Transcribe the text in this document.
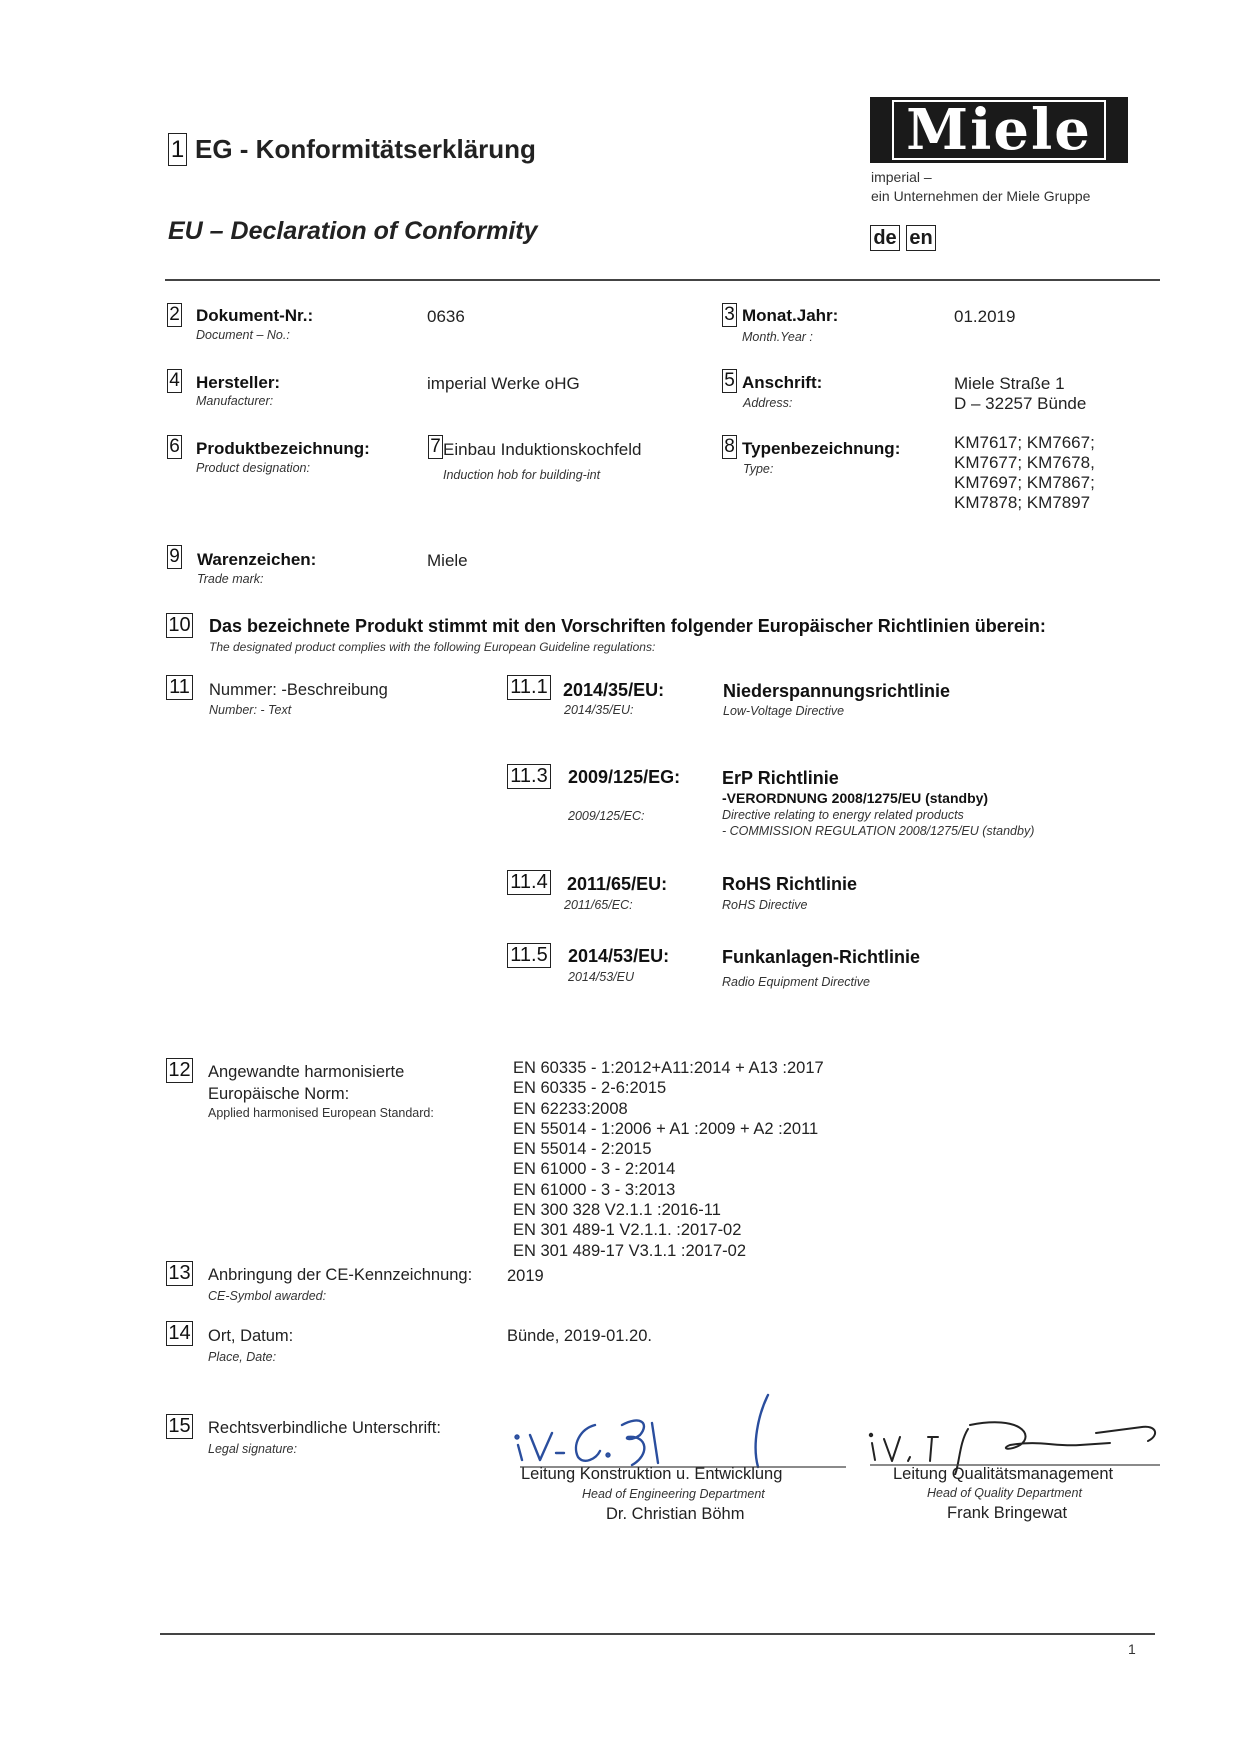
1 EG - Konformitätserklärung
EU – Declaration of Conformity
Miele
imperial –
ein Unternehmen der Miele Gruppe
de en
2 Dokument-Nr.:
Document – No.:
0636	3 Monat.Jahr:
Month.Year :
01.2019
4 Hersteller:
Manufacturer:
imperial Werke oHG	5 Anschrift:
Address:
Miele Straße 1
D – 32257 Bünde
6 Produktbezeichnung:
Product designation:
7 Einbau Induktionskochfeld
Induction hob for building-int
8 Typenbezeichnung:
Type:
KM7617; KM7667;
KM7677; KM7678,
KM7697; KM7867;
KM7878; KM7897
9 Warenzeichen:
Trade mark:
Miele
10 Das bezeichnete Produkt stimmt mit den Vorschriften folgender Europäischer Richtlinien überein:
The designated product complies with the following European Guideline regulations:
11 Nummer: -Beschreibung
Number: - Text
11.1 2014/35/EU:
2014/35/EU:
Niederspannungsrichtlinie
Low-Voltage Directive
11.3 2009/125/EG:
2009/125/EC:
ErP Richtlinie
-VERORDNUNG 2008/1275/EU (standby)
Directive relating to energy related products
- COMMISSION REGULATION 2008/1275/EU (standby)
11.4 2011/65/EU:
2011/65/EC:
RoHS Richtlinie
RoHS Directive
11.5 2014/53/EU:
2014/53/EU
Funkanlagen-Richtlinie
Radio Equipment Directive
12 Angewandte harmonisierte
Europäische Norm:
Applied harmonised European Standard:
EN 60335 - 1:2012+A11:2014 + A13 :2017
EN 60335 - 2-6:2015
EN 62233:2008
EN 55014 - 1:2006 + A1 :2009 + A2 :2011
EN 55014 - 2:2015
EN 61000 - 3 - 2:2014
EN 61000 - 3 - 3:2013
EN 300 328 V2.1.1 :2016-11
EN 301 489-1 V2.1.1. :2017-02
EN 301 489-17 V3.1.1 :2017-02
13 Anbringung der CE-Kennzeichnung:
CE-Symbol awarded:
2019
14 Ort, Datum:
Place, Date:
Bünde, 2019-01.20.
15 Rechtsverbindliche Unterschrift:
Legal signature:
Leitung Konstruktion u. Entwicklung
Head of Engineering Department
Dr. Christian Böhm
Leitung Qualitätsmanagement
Head of Quality Department
Frank Bringewat
1
